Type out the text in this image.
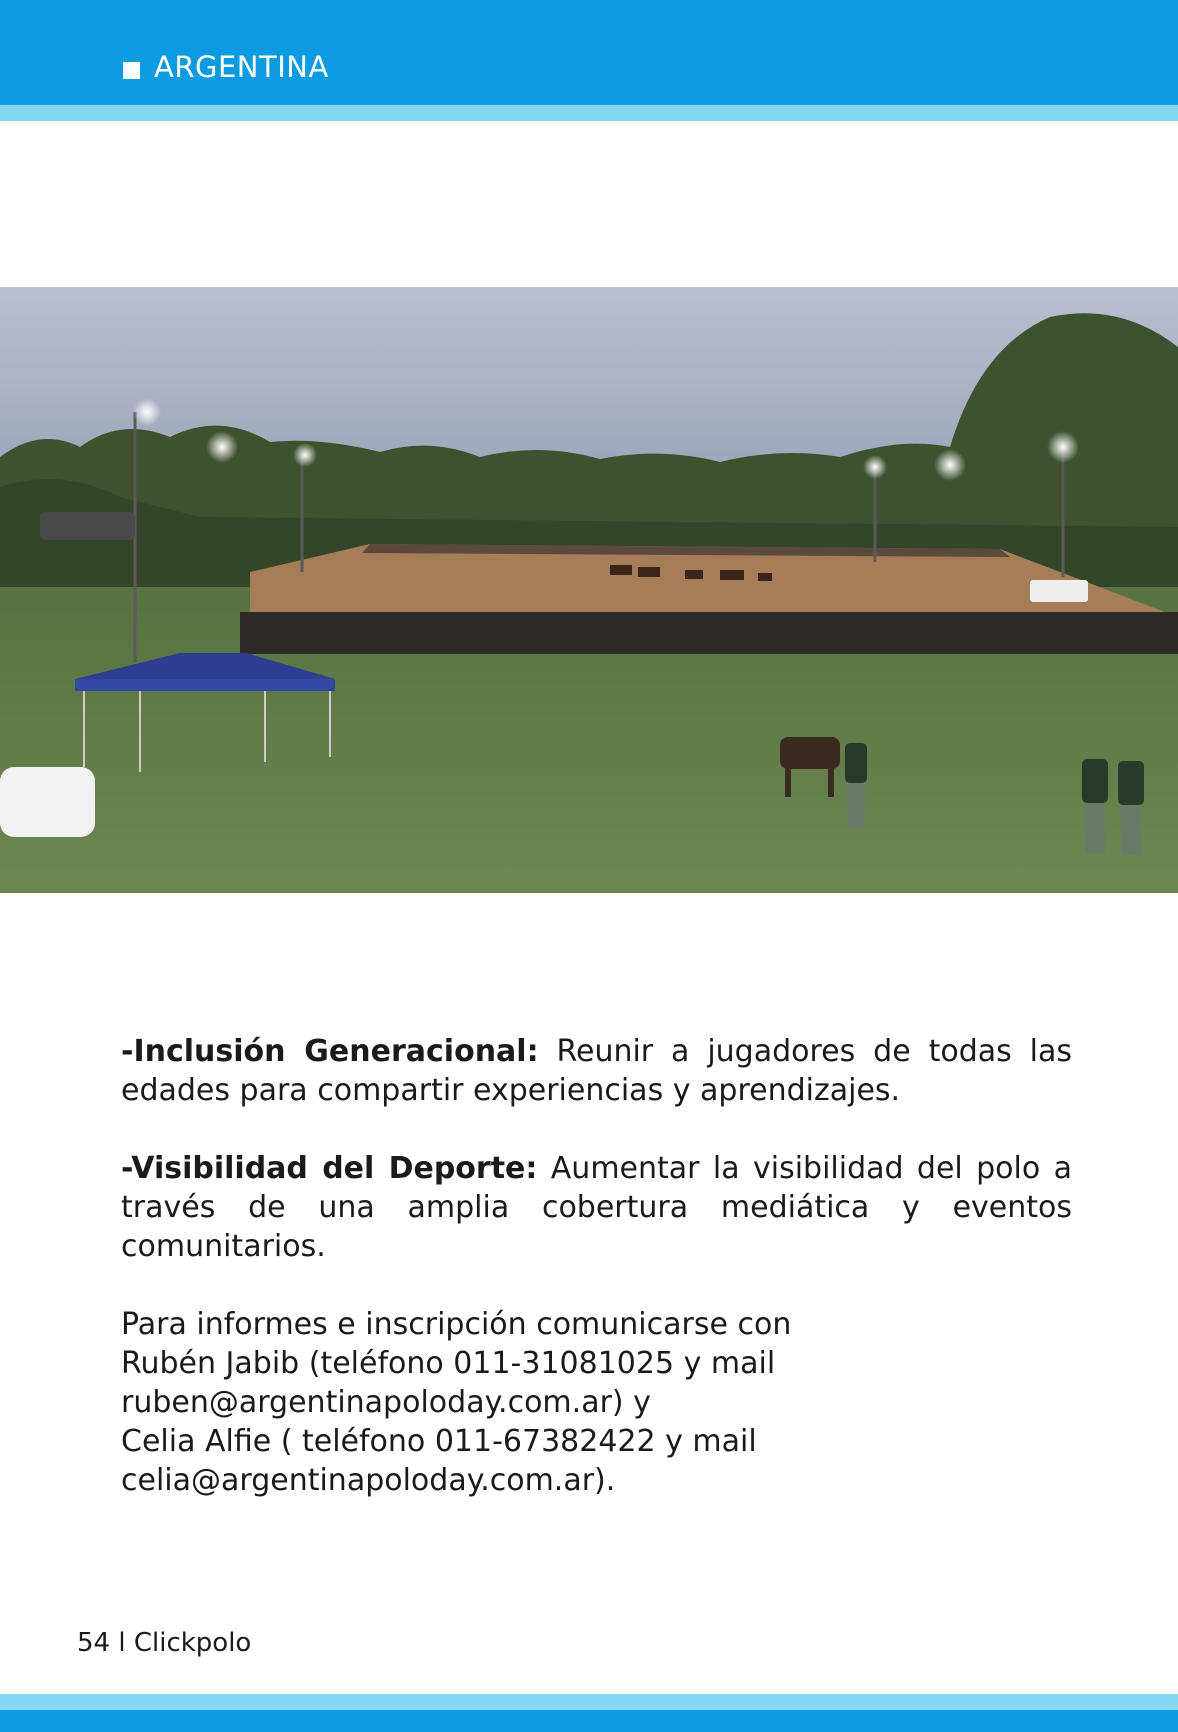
ARGENTINA

-Inclusión Generacional: Reunir a jugadores de todas las edades para compartir experiencias y aprendizajes.

-Visibilidad del Deporte: Aumentar la visibilidad del polo a través de una amplia cobertura mediática y eventos comunitarios.

Para informes e inscripción comunicarse con
Rubén Jabib (teléfono 011-31081025 y mail
ruben@argentinapoloday.com.ar) y
Celia Alfie ( teléfono 011-67382422 y mail
celia@argentinapoloday.com.ar).

54 l Clickpolo
